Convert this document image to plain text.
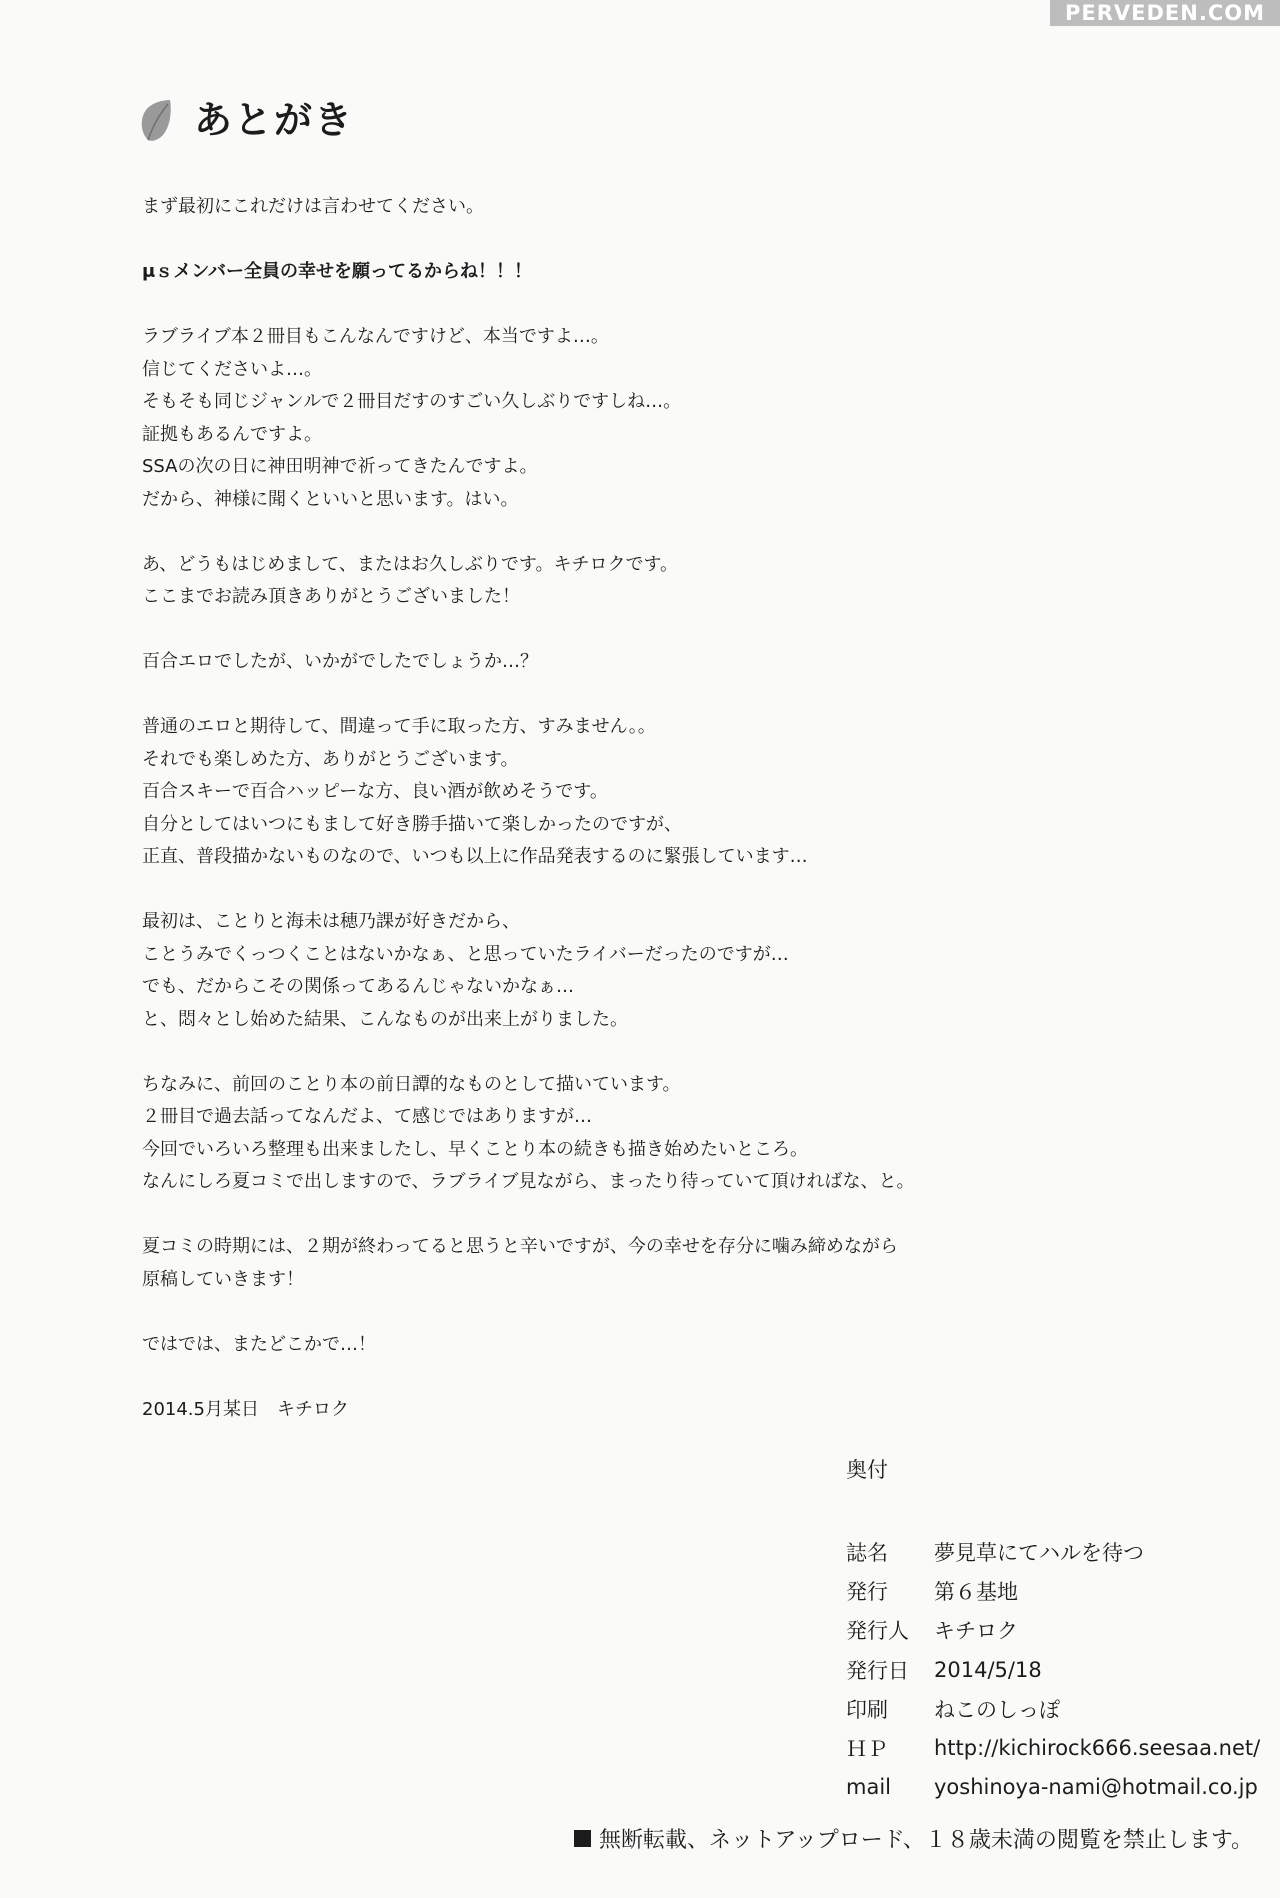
PERVEDEN.COM
あとがき
まず最初にこれだけは言わせてください。
μｓメンバー全員の幸せを願ってるからね！！！
ラブライブ本２冊目もこんなんですけど、本当ですよ…。
信じてくださいよ…。
そもそも同じジャンルで２冊目だすのすごい久しぶりですしね…。
証拠もあるんですよ。
SSAの次の日に神田明神で祈ってきたんですよ。
だから、神様に聞くといいと思います。はい。
あ、どうもはじめまして、またはお久しぶりです。キチロクです。
ここまでお読み頂きありがとうございました！
百合エロでしたが、いかがでしたでしょうか…？
普通のエロと期待して、間違って手に取った方、すみません。。
それでも楽しめた方、ありがとうございます。
百合スキーで百合ハッピーな方、良い酒が飲めそうです。
自分としてはいつにもまして好き勝手描いて楽しかったのですが、
正直、普段描かないものなので、いつも以上に作品発表するのに緊張しています…
最初は、ことりと海未は穂乃課が好きだから、
ことうみでくっつくことはないかなぁ、と思っていたライバーだったのですが…
でも、だからこその関係ってあるんじゃないかなぁ…
と、悶々とし始めた結果、こんなものが出来上がりました。
ちなみに、前回のことり本の前日譚的なものとして描いています。
２冊目で過去話ってなんだよ、て感じではありますが…
今回でいろいろ整理も出来ましたし、早くことり本の続きも描き始めたいところ。
なんにしろ夏コミで出しますので、ラブライブ見ながら、まったり待っていて頂ければな、と。
夏コミの時期には、２期が終わってると思うと辛いですが、今の幸せを存分に噛み締めながら
原稿していきます！
ではでは、またどこかで…！
2014.5月某日　キチロク
奥付
誌名	夢見草にてハルを待つ
発行	第６基地
発行人	キチロク
発行日	2014/5/18
印刷	ねこのしっぽ
ＨＰ	http://kichirock666.seesaa.net/
mail	yoshinoya-nami@hotmail.co.jp
無断転載、ネットアップロード、１８歳未満の閲覧を禁止します。
